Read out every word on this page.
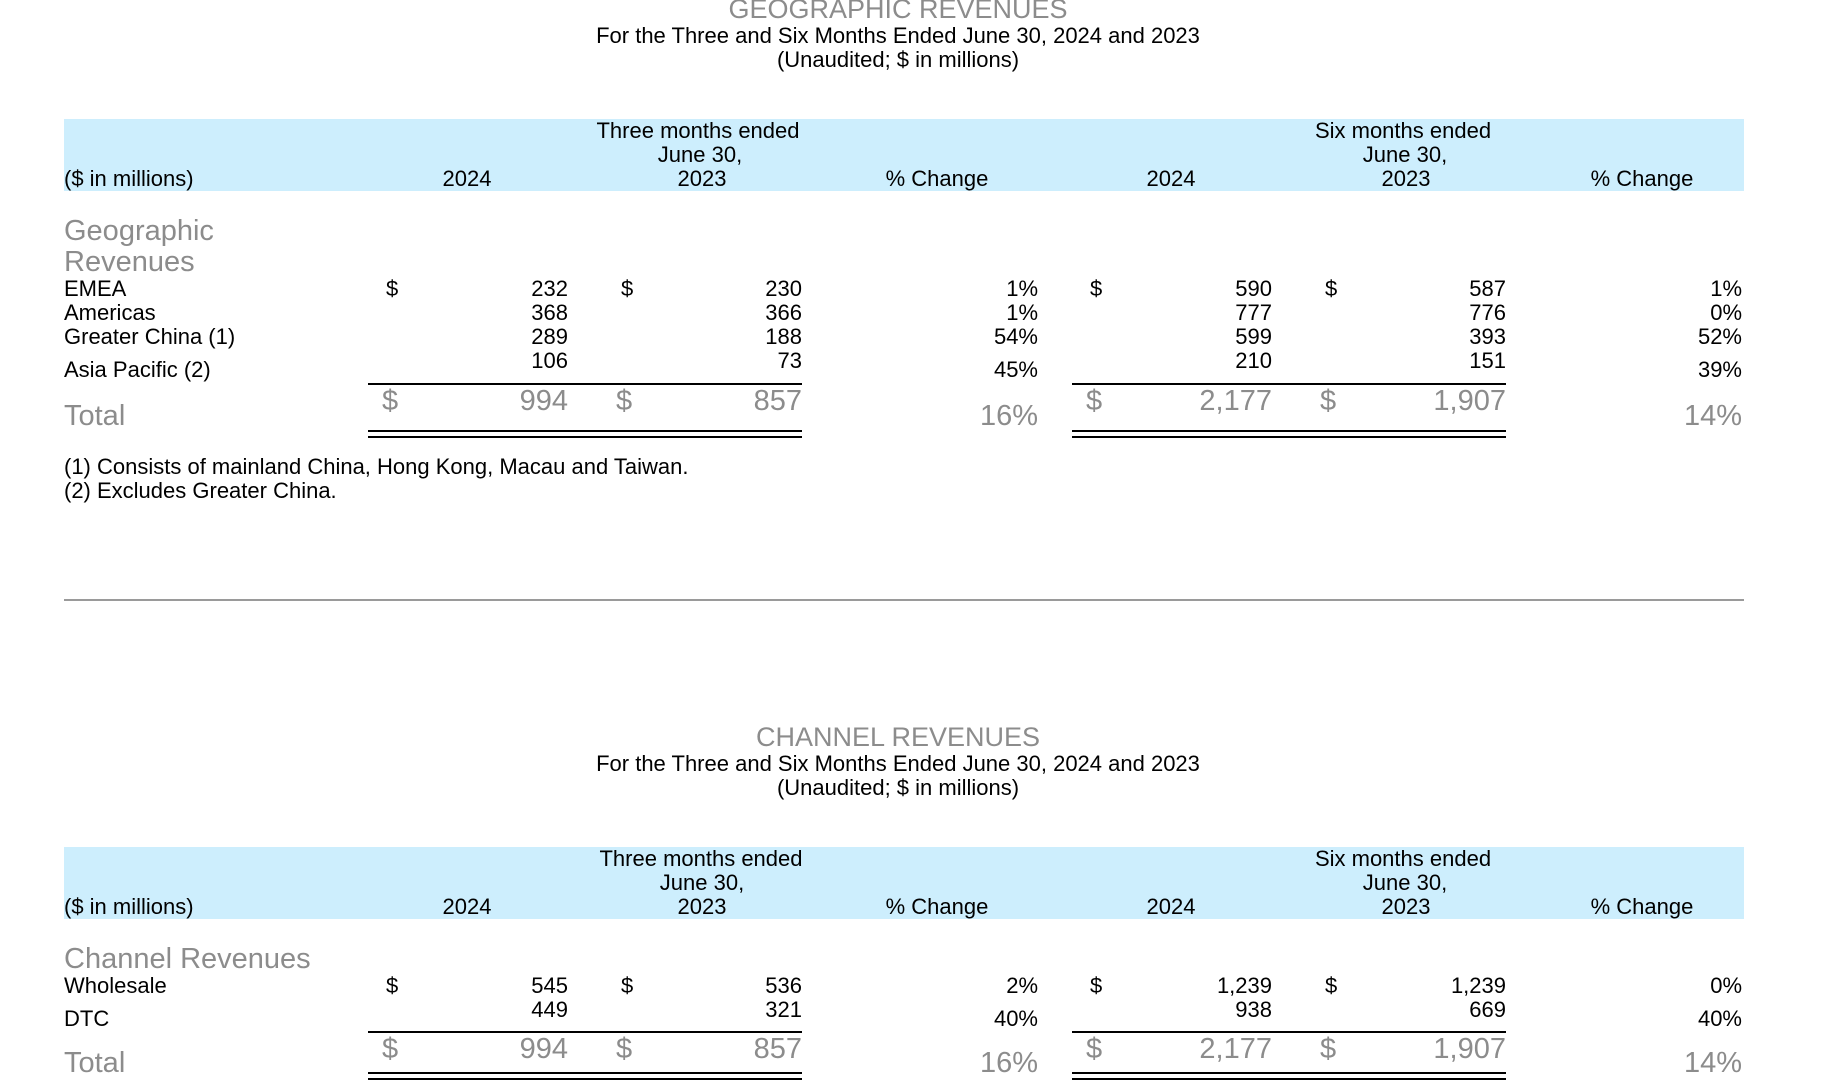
GEOGRAPHIC REVENUES
For the Three and Six Months Ended June 30, 2024 and 2023
(Unaudited; $ in millions)
Three months ended
June 30,
Six months ended
June 30,
($ in millions)	2024	2023	% Change	2024	2023	% Change
Geographic
Revenues
EMEA	$	232 $	230	1% $	590 $	587	1%
Americas	368	366	1%	777	776	0%
Greater China (1)	289	188	54%	599	393	52%
Asia Pacific (2)	106	73	45%	210	151	39%
Total	$	994 $	857	16% $	2,177 $	1,907	14%
(1) Consists of mainland China, Hong Kong, Macau and Taiwan.
(2) Excludes Greater China.
CHANNEL REVENUES
For the Three and Six Months Ended June 30, 2024 and 2023
(Unaudited; $ in millions)
Three months ended
June 30,
Six months ended
June 30,
($ in millions)	2024	2023	% Change	2024	2023	% Change
Channel Revenues
Wholesale	$	545 $	536	2% $	1,239 $	1,239	0%
DTC	449	321	40%	938	669	40%
Total	$	994 $	857	16% $	2,177 $	1,907	14%
